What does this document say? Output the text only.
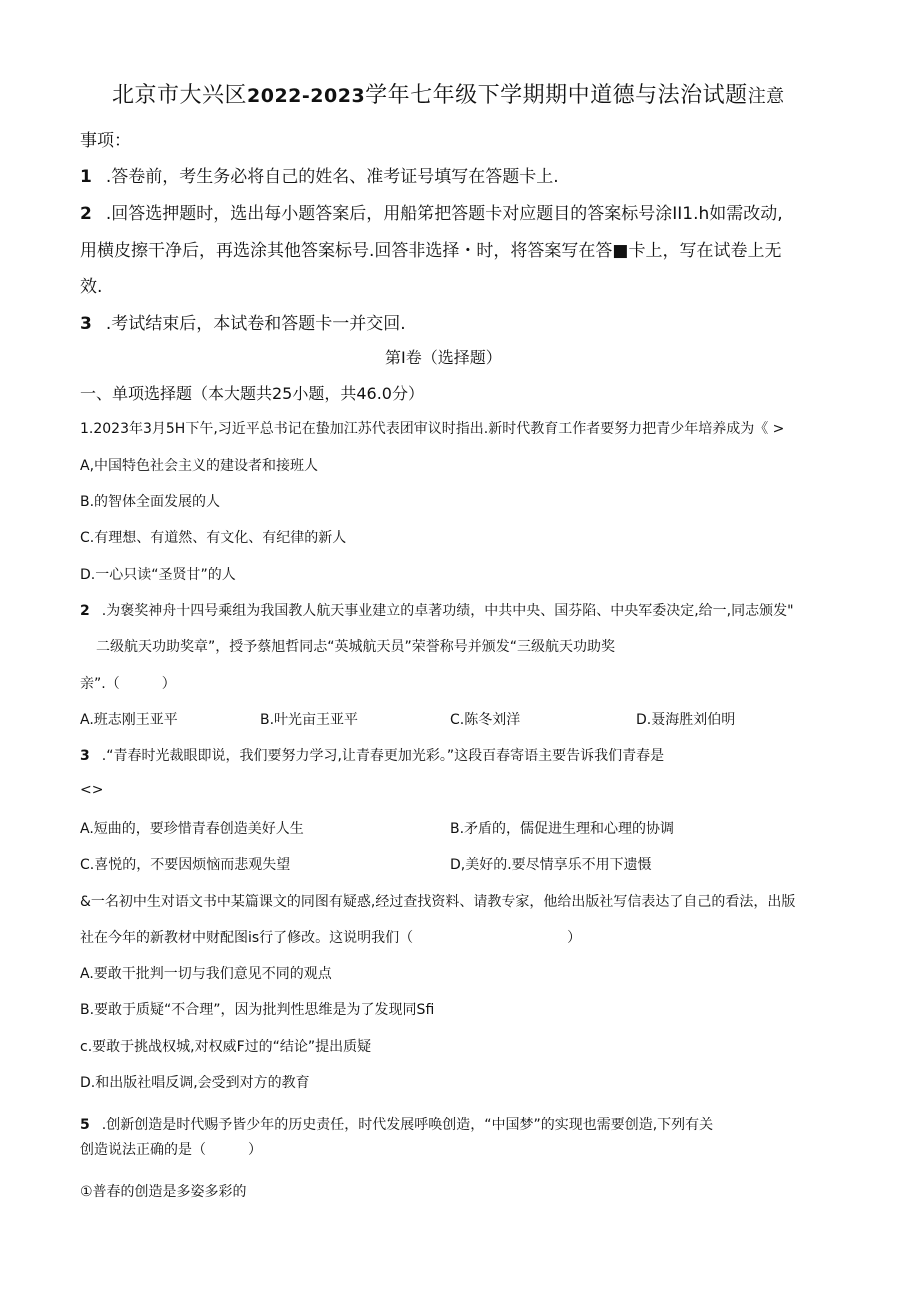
北京市大兴区2022-2023学年七年级下学期期中道德与法治试题注意
事项：
1 .答卷前，考生务必将自己的姓名、准考证号填写在答题卡上.
2 .回答选押题时，选出每小题答案后，用船笫把答题卡对应题目的答案标号涂II1.h如需改动,
用横皮擦干净后，再选涂其他答案标号.回答非选择・时，将答案写在答■卡上，写在试卷上无
效.
3 .考试结束后，本试卷和答题卡一并交回.
第I卷（选择题）
一、单项选择题（本大题共25小题，共46.0分）
1.2023年3月5H下午,习近平总书记在蛰加江苏代表团审议时指出.新时代教育工作者要努力把青少年培养成为《 >
A,中国特色社会主义的建设者和接班人
B.的智体全面发展的人
C.有理想、有道然、有文化、有纪律的新人
D.一心只读“圣贤甘”的人
2 .为褒奖神舟十四号乘组为我国教人航天事业建立的卓著功绩，中共中央、国芬陷、中央军委决定,给一,同志颁发"
二级航天功助奖章”，授予蔡旭哲同忐“英城航天员”荣誉称号并颁发“三级航天功助奖
亲”.（　　　）
A.班志刚王亚平	B.叶光亩王亚平	C.陈冬刘洋	D.聂海胜刘伯明
3 .“青春时光裁眼即说，我们要努力学习,让青春更加光彩。”这段百春寄语主要告诉我们青春是
<>
A.短曲的，要珍惜青春创造美好人生	B.矛盾的，儒促进生理和心理的协调
C.喜悦的，不要因烦恼而悲观失望	D,美好的.要尽情享乐不用下遗慑
&一名初中生对语文书中某篇课文的同图有疑惑,经过查找资料、请教专家，他给出版社写信表达了自己的看法，出版
社在今年的新教材中财配图is行了修改。这说明我们（　　　　　　　　　　　）
A.要敢干批判一切与我们意见不同的观点
B.要敢于质疑“不合理”，因为批判性思维是为了发现同Sfi
c.要敢于挑战权城,对权威F过的“结论”提出质疑
D.和出版社唱反调,会受到对方的教育
5 .创新创造是时代赐予皆少年的历史责任，时代发展呼唤创造，“中国梦”的实现也需要创造,下列有关
创造说法正确的是（　　　）
①普春的创造是多姿多彩的
